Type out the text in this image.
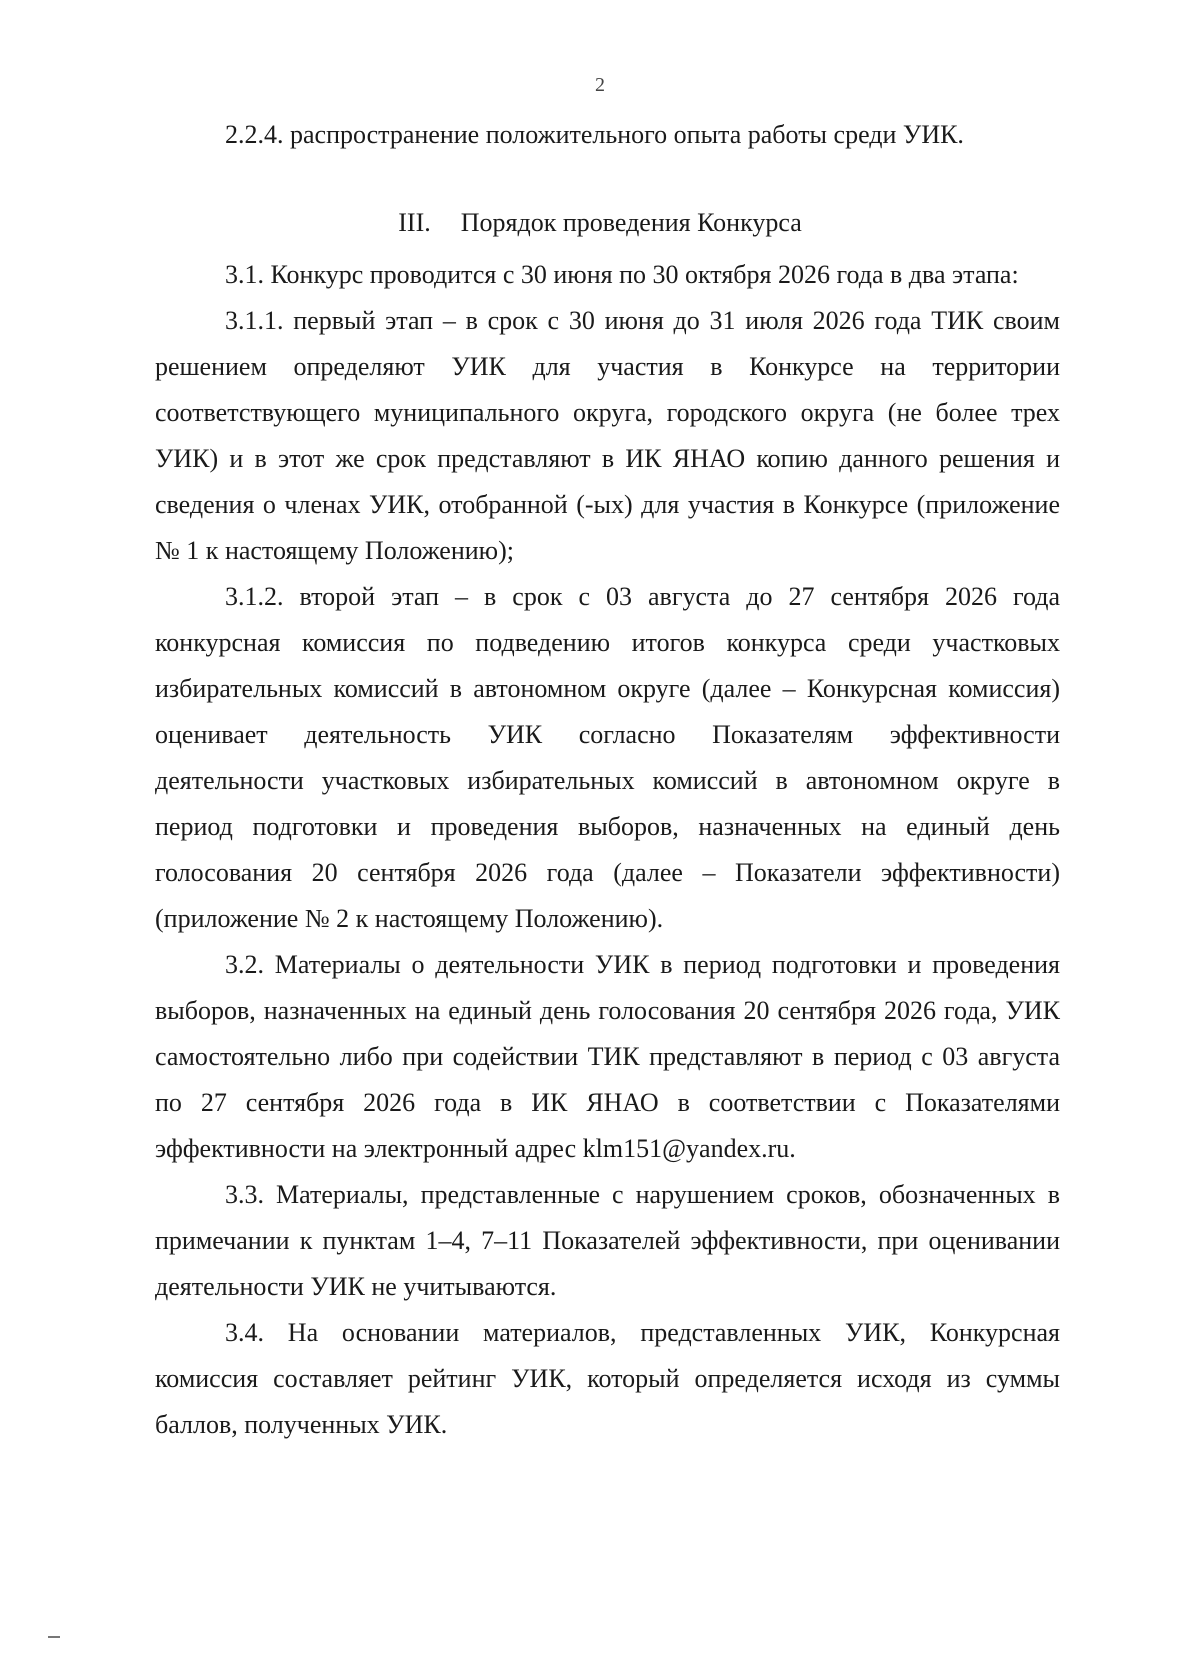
2

2.2.4. распространение положительного опыта работы среди УИК.

III. Порядок проведения Конкурса

3.1. Конкурс проводится с 30 июня по 30 октября 2026 года в два этапа:

3.1.1. первый этап – в срок с 30 июня до 31 июля 2026 года ТИК своим решением определяют УИК для участия в Конкурсе на территории соответствующего муниципального округа, городского округа (не более трех УИК) и в этот же срок представляют в ИК ЯНАО копию данного решения и сведения о членах УИК, отобранной (-ых) для участия в Конкурсе (приложение № 1 к настоящему Положению);

3.1.2. второй этап – в срок с 03 августа до 27 сентября 2026 года конкурсная комиссия по подведению итогов конкурса среди участковых избирательных комиссий в автономном округе (далее – Конкурсная комиссия) оценивает деятельность УИК согласно Показателям эффективности деятельности участковых избирательных комиссий в автономном округе в период подготовки и проведения выборов, назначенных на единый день голосования 20 сентября 2026 года (далее – Показатели эффективности) (приложение № 2 к настоящему Положению).

3.2. Материалы о деятельности УИК в период подготовки и проведения выборов, назначенных на единый день голосования 20 сентября 2026 года, УИК самостоятельно либо при содействии ТИК представляют в период с 03 августа по 27 сентября 2026 года в ИК ЯНАО в соответствии с Показателями эффективности на электронный адрес klm151@yandex.ru.

3.3. Материалы, представленные с нарушением сроков, обозначенных в примечании к пунктам 1–4, 7–11 Показателей эффективности, при оценивании деятельности УИК не учитываются.

3.4. На основании материалов, представленных УИК, Конкурсная комиссия составляет рейтинг УИК, который определяется исходя из суммы баллов, полученных УИК.
